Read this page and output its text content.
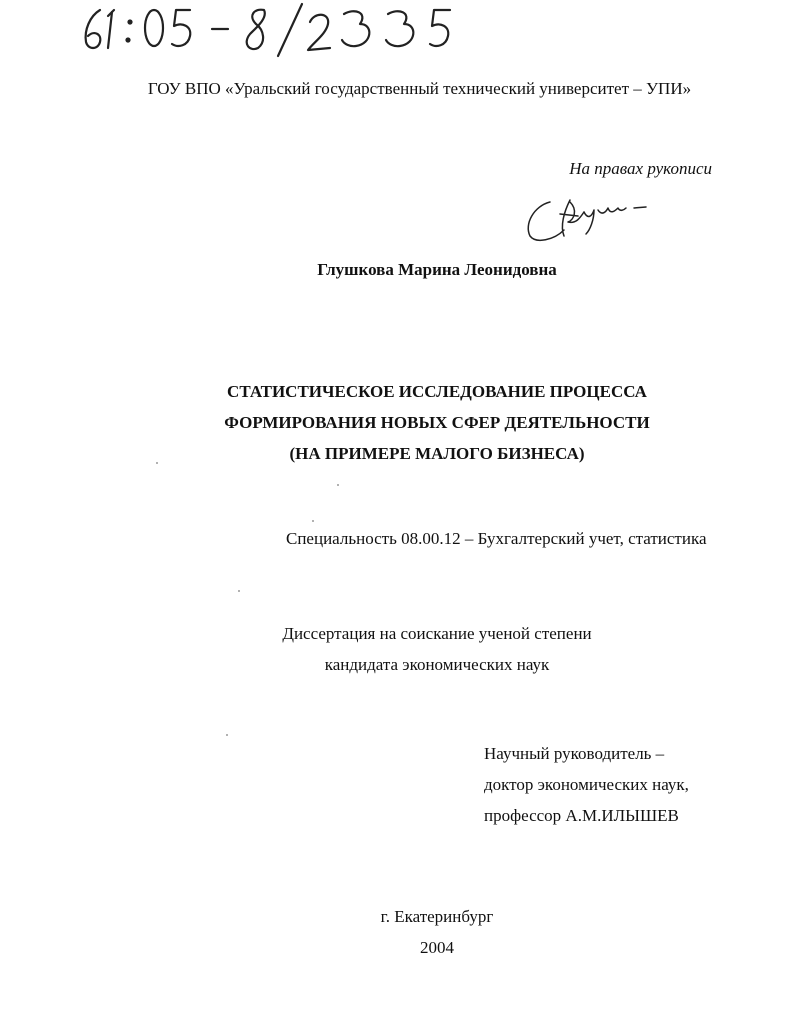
ГОУ ВПО «Уральский государственный технический университет – УПИ»
На правах рукописи
Глушкова Марина Леонидовна
СТАТИСТИЧЕСКОЕ ИССЛЕДОВАНИЕ ПРОЦЕССА
ФОРМИРОВАНИЯ НОВЫХ СФЕР ДЕЯТЕЛЬНОСТИ
(НА ПРИМЕРЕ МАЛОГО БИЗНЕСА)
Специальность 08.00.12 – Бухгалтерский учет, статистика
Диссертация на соискание ученой степени
кандидата экономических наук
Научный руководитель –
доктор экономических наук,
профессор А.М.ИЛЫШЕВ
г. Екатеринбург
2004
